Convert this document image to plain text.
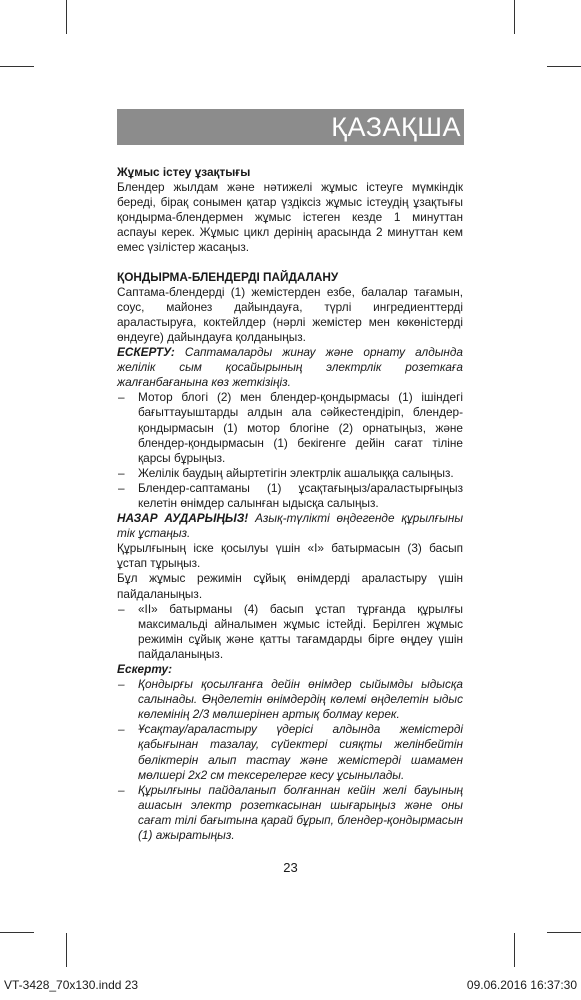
ҚАЗАҚША

Жұмыс істеу ұзақтығы

Блендер жылдам және нәтижелі жұмыс істеуге мүмкіндік береді, бірақ сонымен қатар үздіксіз жұмыс істеудің ұзақтығы қондырма-блендермен жұмыс істеген кезде 1 минуттан аспауы керек. Жұмыс цикл дерінің арасында 2 минуттан кем емес үзілістер жасаңыз.

ҚОНДЫРМА-БЛЕНДЕРДІ ПАЙДАЛАНУ

Саптама-блендерді (1) жемістерден езбе, балалар тағамын, соус, майонез дайындауға, түрлі ингредиенттерді араластыруға, коктейлдер (нәрлі жемістер мен көкөністерді өндеуге) дайындауға қолданыңыз.

ЕСКЕРТУ: Саптамаларды жинау және орнату алдында желілік сым қосайырының электрлік розеткаға жалғанбағанына көз жеткізіңіз.

– Мотор блогі (2) мен блендер-қондырмасы (1) ішіндегі бағыттауыштарды алдын ала сәйкестендіріп, блендер-қондырмасын (1) мотор блогіне (2) орнатыңыз, және блендер-қондырмасын (1) бекігенге дейін сағат тіліне қарсы бұрыңыз.
– Желілік баудың айыртетігін электрлік ашалыққа салыңыз.
– Блендер-саптаманы (1) ұсақтағыңыз/араластырғыңыз келетін өнімдер салынған ыдысқа салыңыз.

НАЗАР АУДАРЫҢЫЗ! Азық-түлікті өңдегенде құрылғыны тік ұстаңыз.

Құрылғының іске қосылуы үшін «I» батырмасын (3) басып ұстап тұрыңыз.

Бұл жұмыс режимін сұйық өнімдерді араластыру үшін пайдаланыңыз.

– «II» батырманы (4) басып ұстап тұрғанда құрылғы максимальді айналымен жұмыс істейді. Берілген жұмыс режимін сұйық және қатты тағамдарды бірге өңдеу үшін пайдаланыңыз.

Ескерту:

– Қондырғы қосылғанға дейін өнімдер сыйымды ыдысқа салынады. Өңделетін өнімдердің көлемі өңделетін ыдыс көлемінің 2/3 мөлшерінен артық болмау керек.
– Ұсақтау/араластыру үдерісі алдында жемістерді қабығынан тазалау, сүйектері сияқты желінбейтін бөліктерін алып тастау және жемістерді шамамен мөлшері 2х2 см тексерелерге кесу ұсынылады.
– Құрылғыны пайдаланып болғаннан кейін желі бауының ашасын электр розеткасынан шығарыңыз және оны сағат тілі бағытына қарай бұрып, блендер-қондырмасын (1) ажыратыңыз.
23
VT-3428_70x130.indd 23	09.06.2016 16:37:30
